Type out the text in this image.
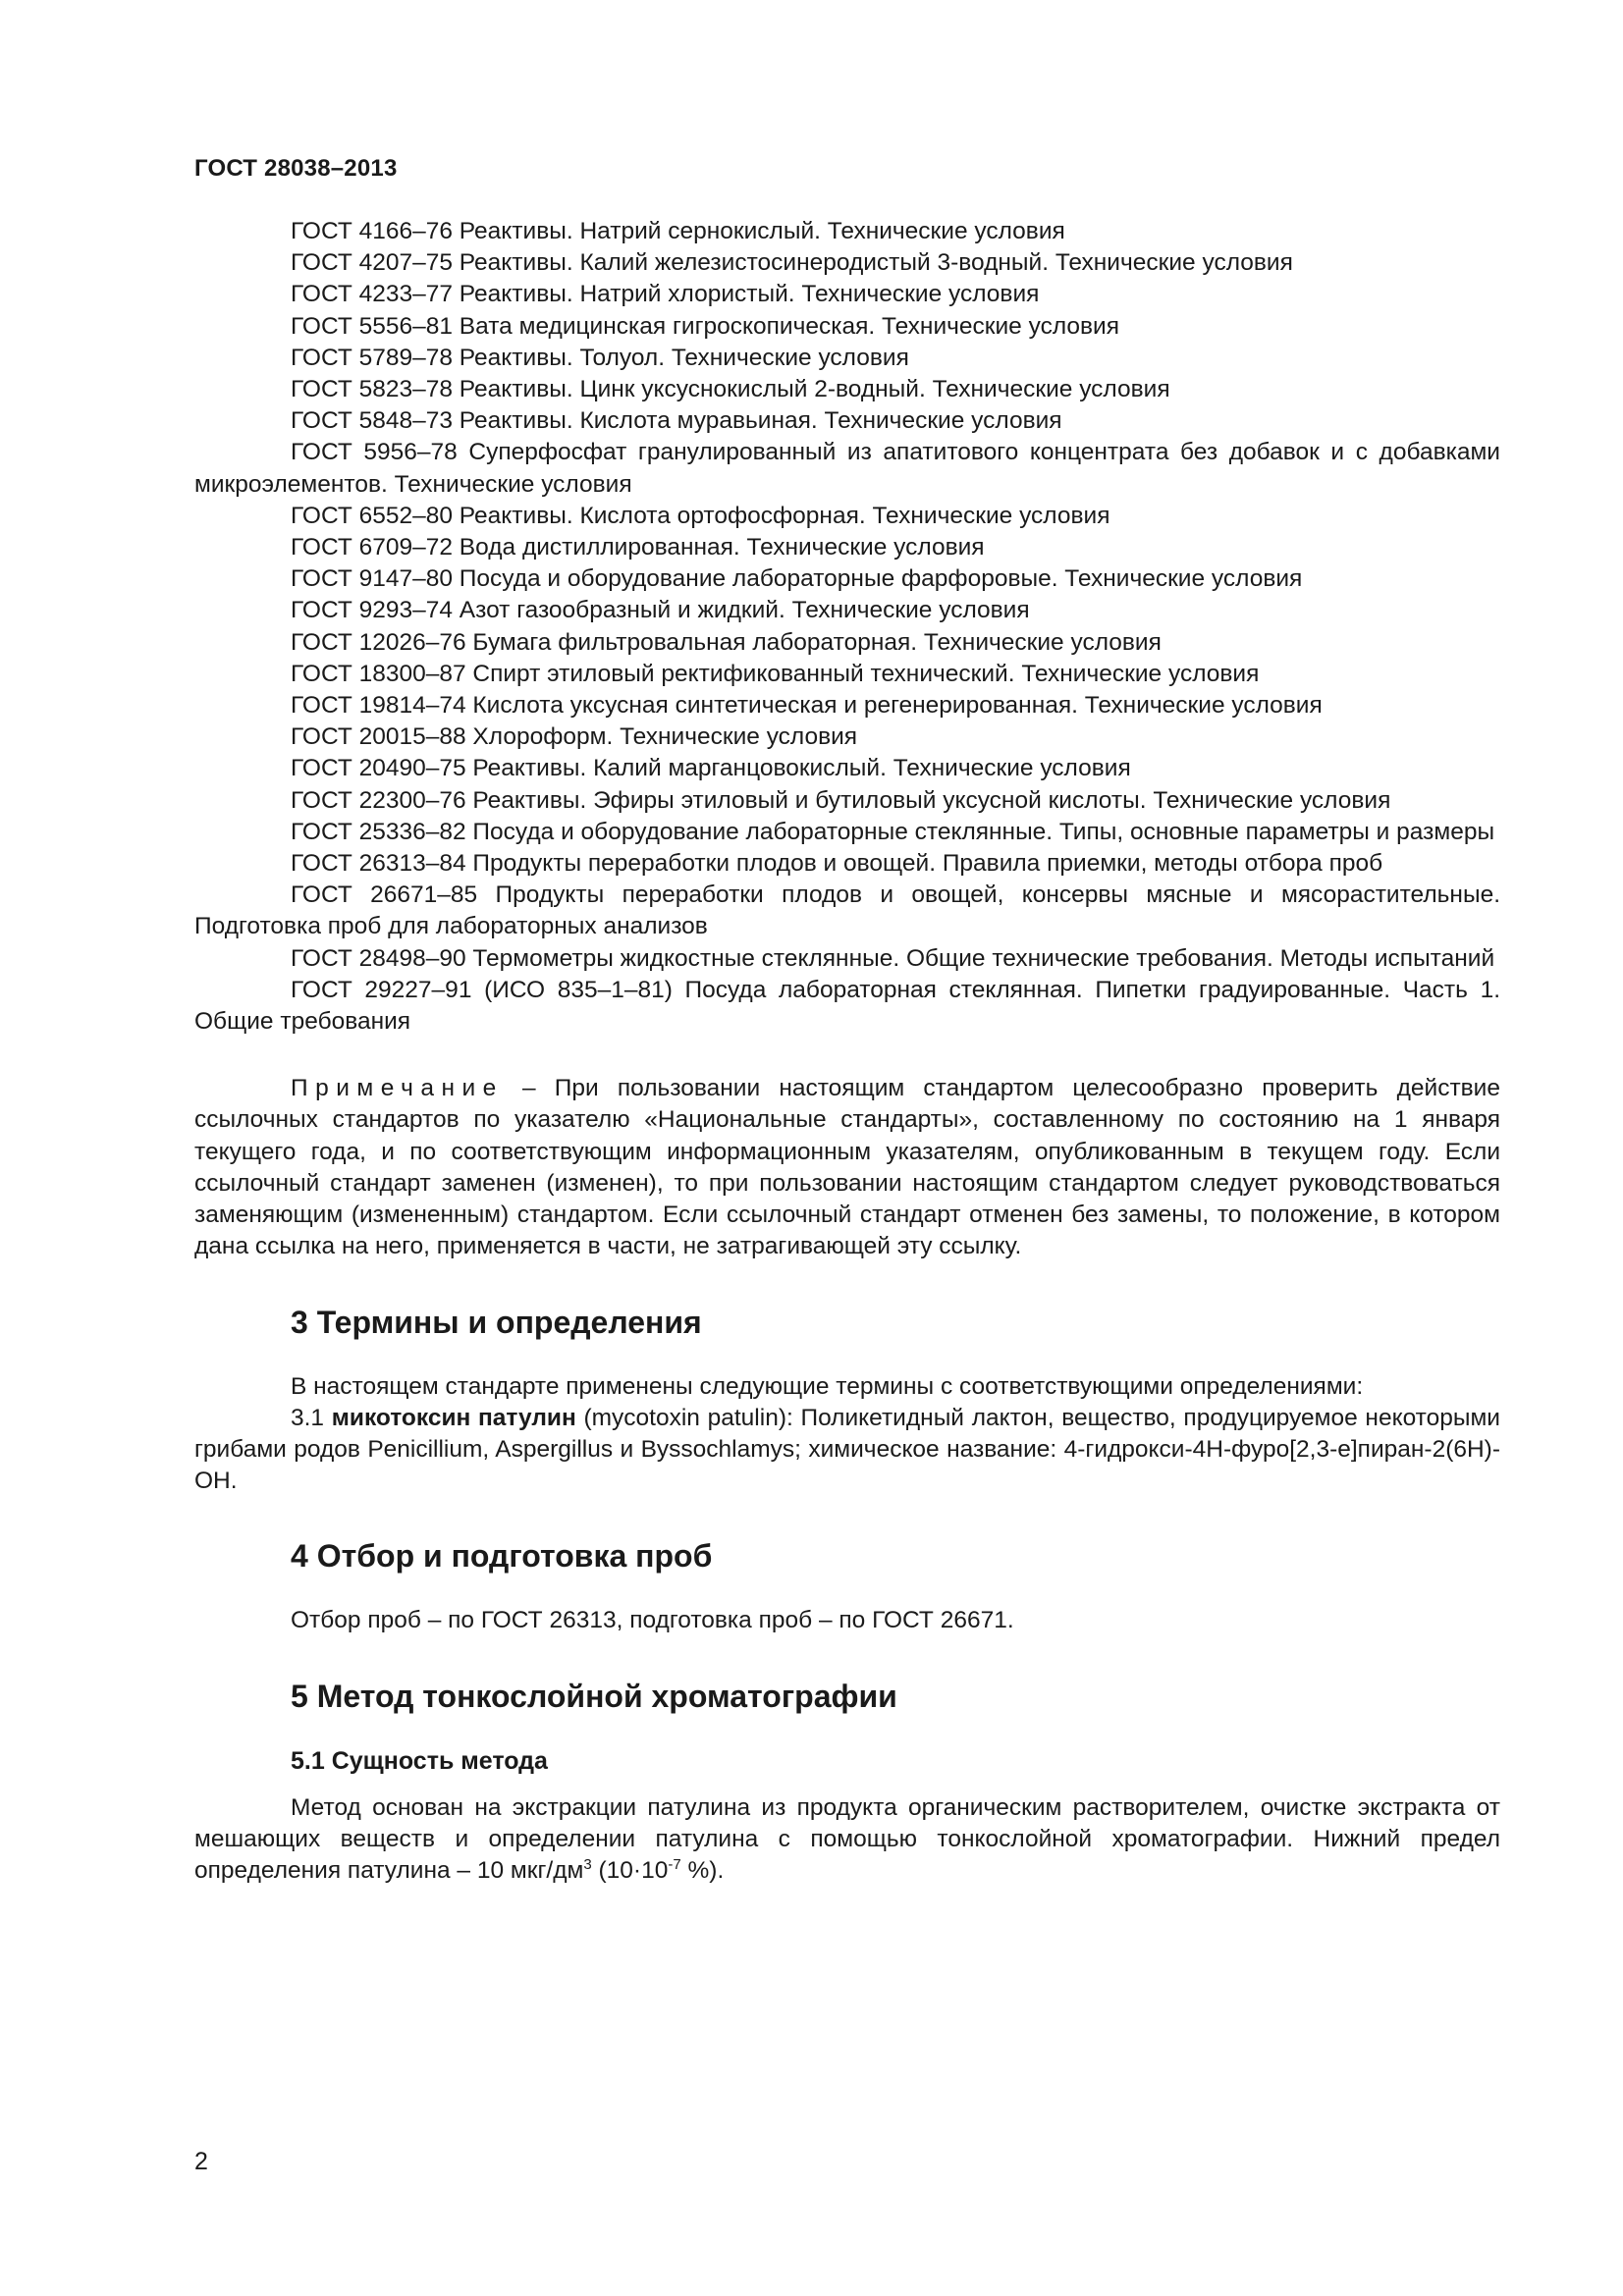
ГОСТ 28038–2013

ГОСТ 4166–76 Реактивы. Натрий сернокислый. Технические условия

ГОСТ 4207–75 Реактивы. Калий железистосинеродистый 3-водный. Технические условия

ГОСТ 4233–77 Реактивы. Натрий хлористый. Технические условия

ГОСТ 5556–81 Вата медицинская гигроскопическая. Технические условия

ГОСТ 5789–78 Реактивы. Толуол. Технические условия

ГОСТ 5823–78 Реактивы. Цинк уксуснокислый 2-водный. Технические условия

ГОСТ 5848–73 Реактивы. Кислота муравьиная. Технические условия

ГОСТ 5956–78 Суперфосфат гранулированный из апатитового концентрата без добавок и с добавками микроэлементов. Технические условия

ГОСТ 6552–80 Реактивы. Кислота ортофосфорная. Технические условия

ГОСТ 6709–72 Вода дистиллированная. Технические условия

ГОСТ 9147–80 Посуда и оборудование лабораторные фарфоровые. Технические условия

ГОСТ 9293–74 Азот газообразный и жидкий. Технические условия

ГОСТ 12026–76 Бумага фильтровальная лабораторная. Технические условия

ГОСТ 18300–87 Спирт этиловый ректификованный технический. Технические условия

ГОСТ 19814–74 Кислота уксусная синтетическая и регенерированная. Технические условия

ГОСТ 20015–88 Хлороформ. Технические условия

ГОСТ 20490–75 Реактивы. Калий марганцовокислый. Технические условия

ГОСТ 22300–76 Реактивы. Эфиры этиловый и бутиловый уксусной кислоты. Технические условия

ГОСТ 25336–82 Посуда и оборудование лабораторные стеклянные. Типы, основные параметры и размеры

ГОСТ 26313–84 Продукты переработки плодов и овощей. Правила приемки, методы отбора проб

ГОСТ 26671–85 Продукты переработки плодов и овощей, консервы мясные и мясорастительные. Подготовка проб для лабораторных анализов

ГОСТ 28498–90 Термометры жидкостные стеклянные. Общие технические требования. Методы испытаний

ГОСТ 29227–91 (ИСО 835–1–81) Посуда лабораторная стеклянная. Пипетки градуированные. Часть 1. Общие требования

Примечание – При пользовании настоящим стандартом целесообразно проверить действие ссылочных стандартов по указателю «Национальные стандарты», составленному по состоянию на 1 января текущего года, и по соответствующим информационным указателям, опубликованным в текущем году. Если ссылочный стандарт заменен (изменен), то при пользовании настоящим стандартом следует руководствоваться заменяющим (измененным) стандартом. Если ссылочный стандарт отменен без замены, то положение, в котором дана ссылка на него, применяется в части, не затрагивающей эту ссылку.

3 Термины и определения

В настоящем стандарте применены следующие термины с соответствующими определениями:

3.1 микотоксин патулин (mycotoxin patulin): Поликетидный лактон, вещество, продуцируемое некоторыми грибами родов Penicillium, Aspergillus и Byssochlamys; химическое название: 4-гидрокси-4Н-фуро[2,3-е]пиран-2(6Н)-ОН.

4 Отбор и подготовка проб

Отбор проб – по ГОСТ 26313, подготовка проб – по ГОСТ 26671.

5 Метод тонкослойной хроматографии
5.1 Сущность метода

Метод основан на экстракции патулина из продукта органическим растворителем, очистке экстракта от мешающих веществ и определении патулина с помощью тонкослойной хроматографии. Нижний предел определения патулина – 10 мкг/$дм^3$ ($10\cdot 10^{-7}$ %).

2
